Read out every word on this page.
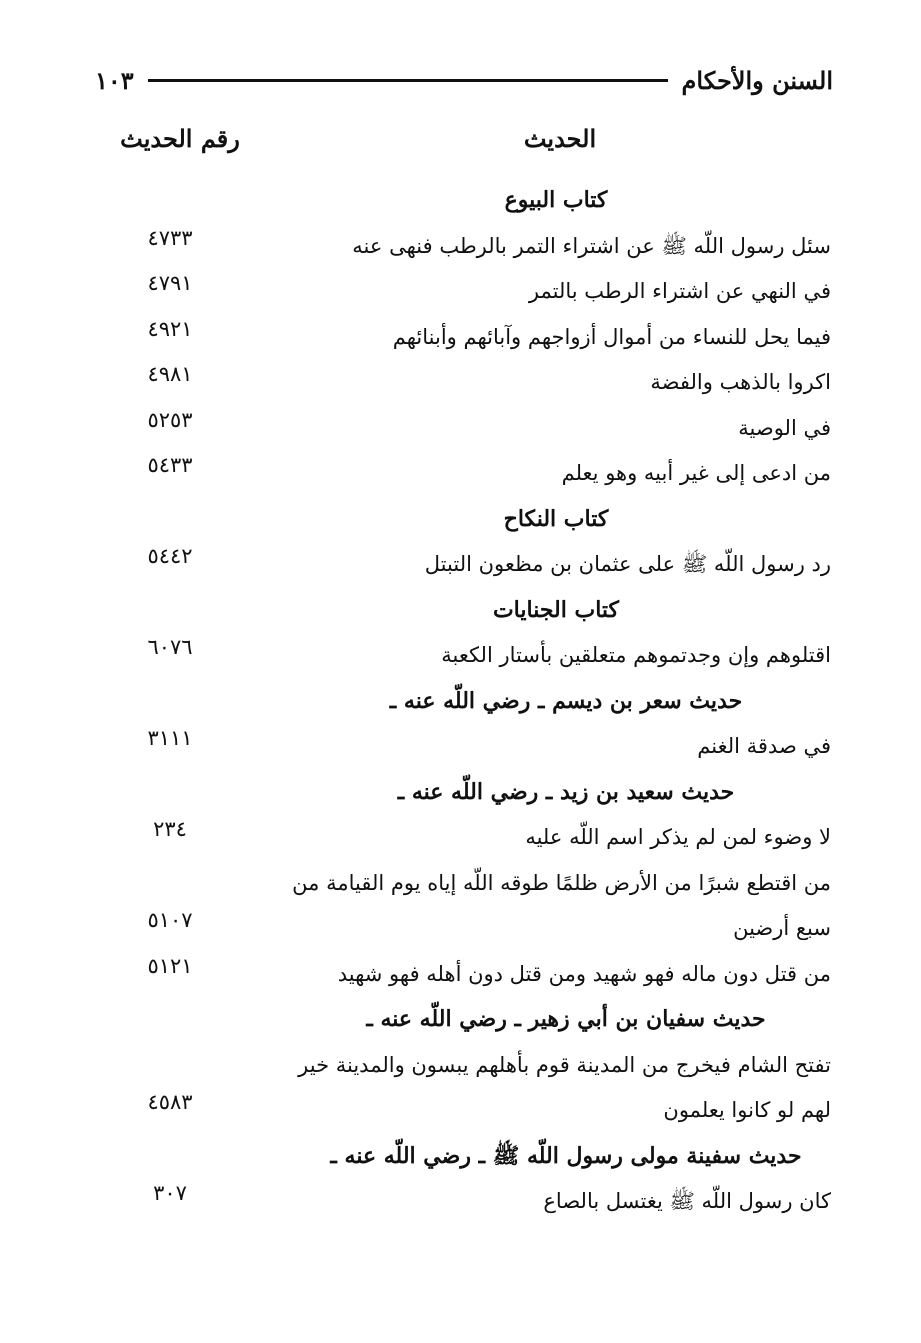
السنن والأحكام
١٠٣
الحديث
رقم الحديث
كتاب البيوع
سئل رسول اللّه ﷺ عن اشتراء التمر بالرطب فنهى عنه
٤٧٣٣
في النهي عن اشتراء الرطب بالتمر
٤٧٩١
فيما يحل للنساء من أموال أزواجهم وآبائهم وأبنائهم
٤٩٢١
اكروا بالذهب والفضة
٤٩٨١
في الوصية
٥٢٥٣
من ادعى إلى غير أبيه وهو يعلم
٥٤٣٣
كتاب النكاح
رد رسول اللّه ﷺ على عثمان بن مظعون التبتل
٥٤٤٢
كتاب الجنايات
اقتلوهم وإن وجدتموهم متعلقين بأستار الكعبة
٦٠٧٦
حديث سعر بن ديسم ـ رضي اللّه عنه ـ
في صدقة الغنم
٣١١١
حديث سعيد بن زيد ـ رضي اللّه عنه ـ
لا وضوء لمن لم يذكر اسم اللّه عليه
٢٣٤
من اقتطع شبرًا من الأرض ظلمًا طوقه اللّه إياه يوم القيامة من
سبع أرضين
٥١٠٧
من قتل دون ماله فهو شهيد ومن قتل دون أهله فهو شهيد
٥١٢١
حديث سفيان بن أبي زهير ـ رضي اللّه عنه ـ
تفتح الشام فيخرج من المدينة قوم بأهلهم يبسون والمدينة خير
لهم لو كانوا يعلمون
٤٥٨٣
حديث سفينة مولى رسول اللّه ﷺ ـ رضي اللّه عنه ـ
كان رسول اللّه ﷺ يغتسل بالصاع
٣٠٧
